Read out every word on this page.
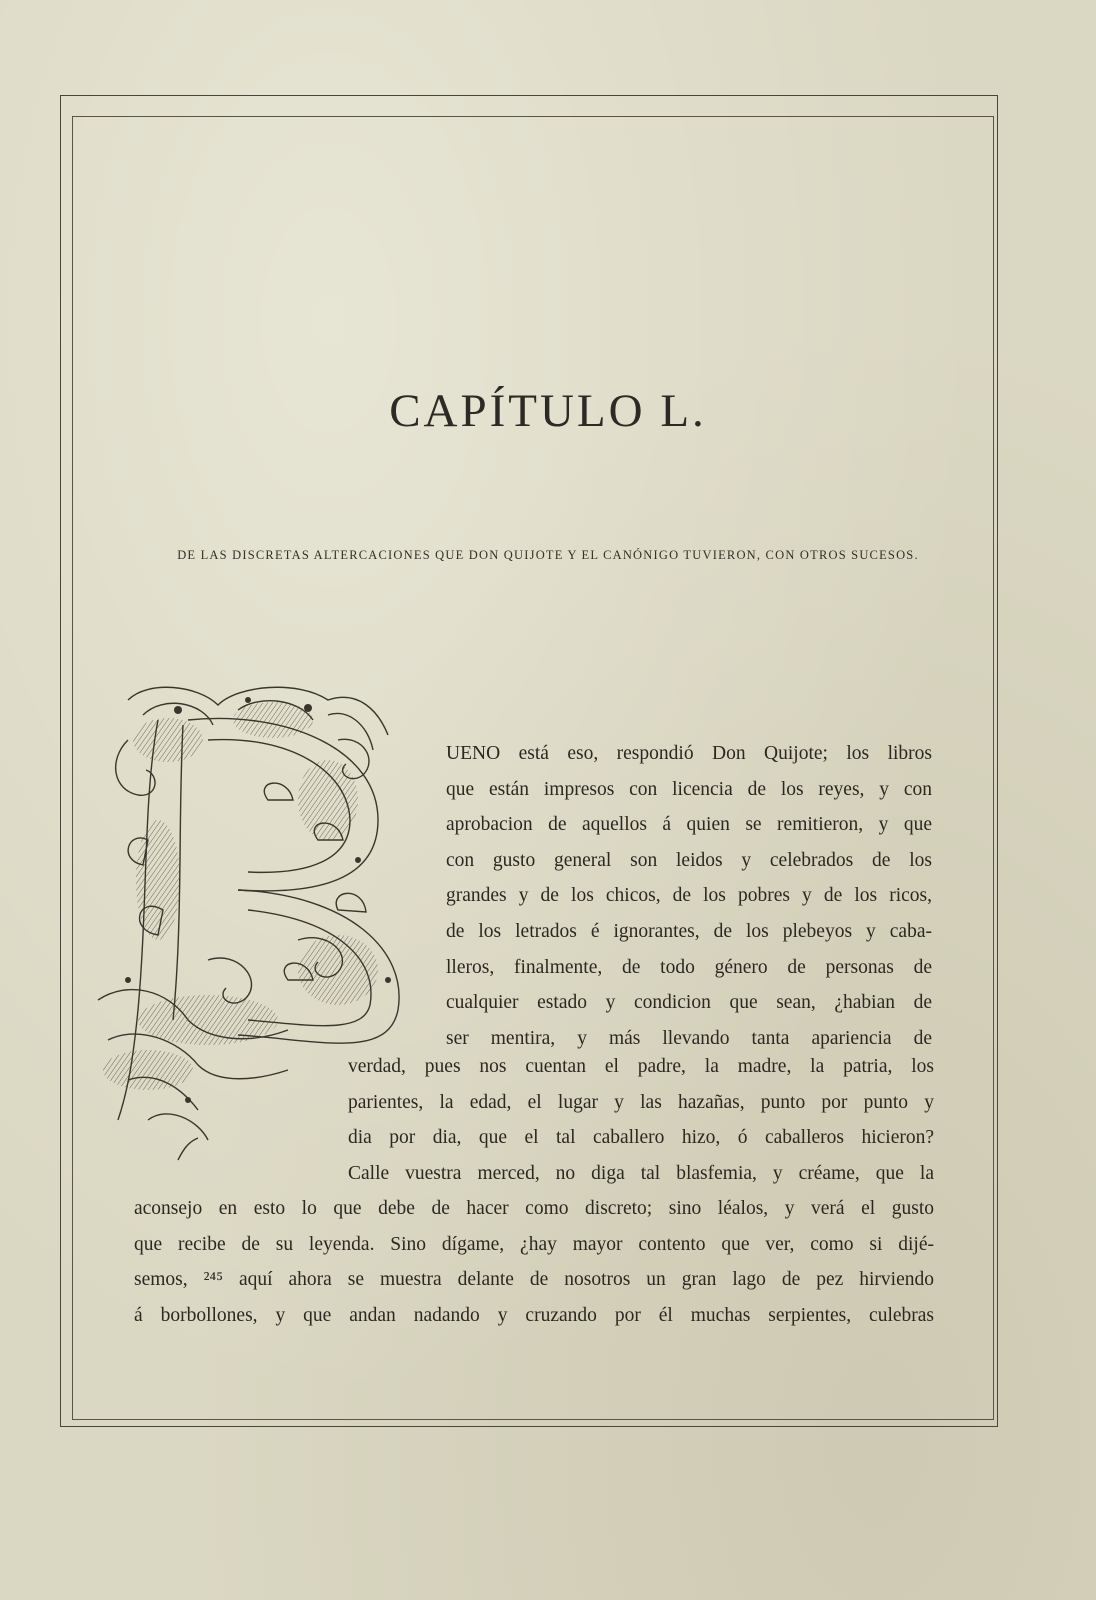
CAPÍTULO L.
DE LAS DISCRETAS ALTERCACIONES QUE DON QUIJOTE Y EL CANÓNIGO TUVIERON, CON OTROS SUCESOS.
UENO está eso, respondió Don Quijote; los libros
que están impresos con licencia de los reyes, y con
aprobacion de aquellos á quien se remitieron, y que
con gusto general son leidos y celebrados de los
grandes y de los chicos, de los pobres y de los ricos,
de los letrados é ignorantes, de los plebeyos y caba-
lleros, finalmente, de todo género de personas de
cualquier estado y condicion que sean, ¿habian de
ser mentira, y más llevando tanta apariencia de
verdad, pues nos cuentan el padre, la madre, la patria, los
parientes, la edad, el lugar y las hazañas, punto por punto y
dia por dia, que el tal caballero hizo, ó caballeros hicieron?
Calle vuestra merced, no diga tal blasfemia, y créame, que la
aconsejo en esto lo que debe de hacer como discreto; sino léalos, y verá el gusto
que recibe de su leyenda. Sino dígame, ¿hay mayor contento que ver, como si dijé-
semos, ²⁴⁵ aquí ahora se muestra delante de nosotros un gran lago de pez hirviendo
á borbollones, y que andan nadando y cruzando por él muchas serpientes, culebras
